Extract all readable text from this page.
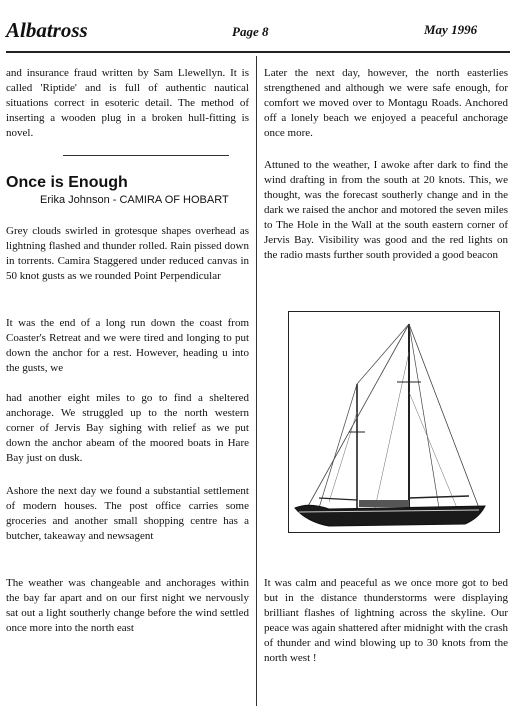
Albatross	Page 8	May 1996

and insurance fraud written by Sam Llewellyn. It is called 'Riptide' and is full of authentic nautical situations correct in esoteric detail. The method of inserting a wooden plug in a broken hull-fitting is novel.

Once is Enough
Erika Johnson - CAMIRA OF HOBART

Grey clouds swirled in grotesque shapes overhead as lightning flashed and thunder rolled. Rain pissed down in torrents. Camira Staggered under reduced canvas in 50 knot gusts as we rounded Point Perpendicular

It was the end of a long run down the coast from Coaster's Retreat and we were tired and longing to put down the anchor for a rest. However, heading u into the gusts, we

had another eight miles to go to find a sheltered anchorage. We struggled up to the north western corner of Jervis Bay sighing with relief as we put down the anchor abeam of the moored boats in Hare Bay just on dusk.

Ashore the next day we found a substantial settlement of modern houses. The post office carries some groceries and another small shopping centre has a butcher, takeaway and newsagent

The weather was changeable and anchorages within the bay far apart and on our first night we nervously sat out a light southerly change before the wind settled once more into the north east

Later the next day, however, the north easterlies strengthened and although we were safe enough, for comfort we moved over to Montagu Roads. Anchored off a lonely beach we enjoyed a peaceful anchorage once more.

Attuned to the weather, I awoke after dark to find the wind drafting in from the south at 20 knots. This, we thought, was the forecast southerly change and in the dark we raised the anchor and motored the seven miles to The Hole in the Wall at the south eastern corner of Jervis Bay. Visibility was good and the red lights on the radio masts further south provided a good beacon

It was calm and peaceful as we once more got to bed but in the distance thunderstorms were displaying brilliant flashes of lightning across the skyline. Our peace was again shattered after midnight with the crash of thunder and wind blowing up to 30 knots from the north west !
